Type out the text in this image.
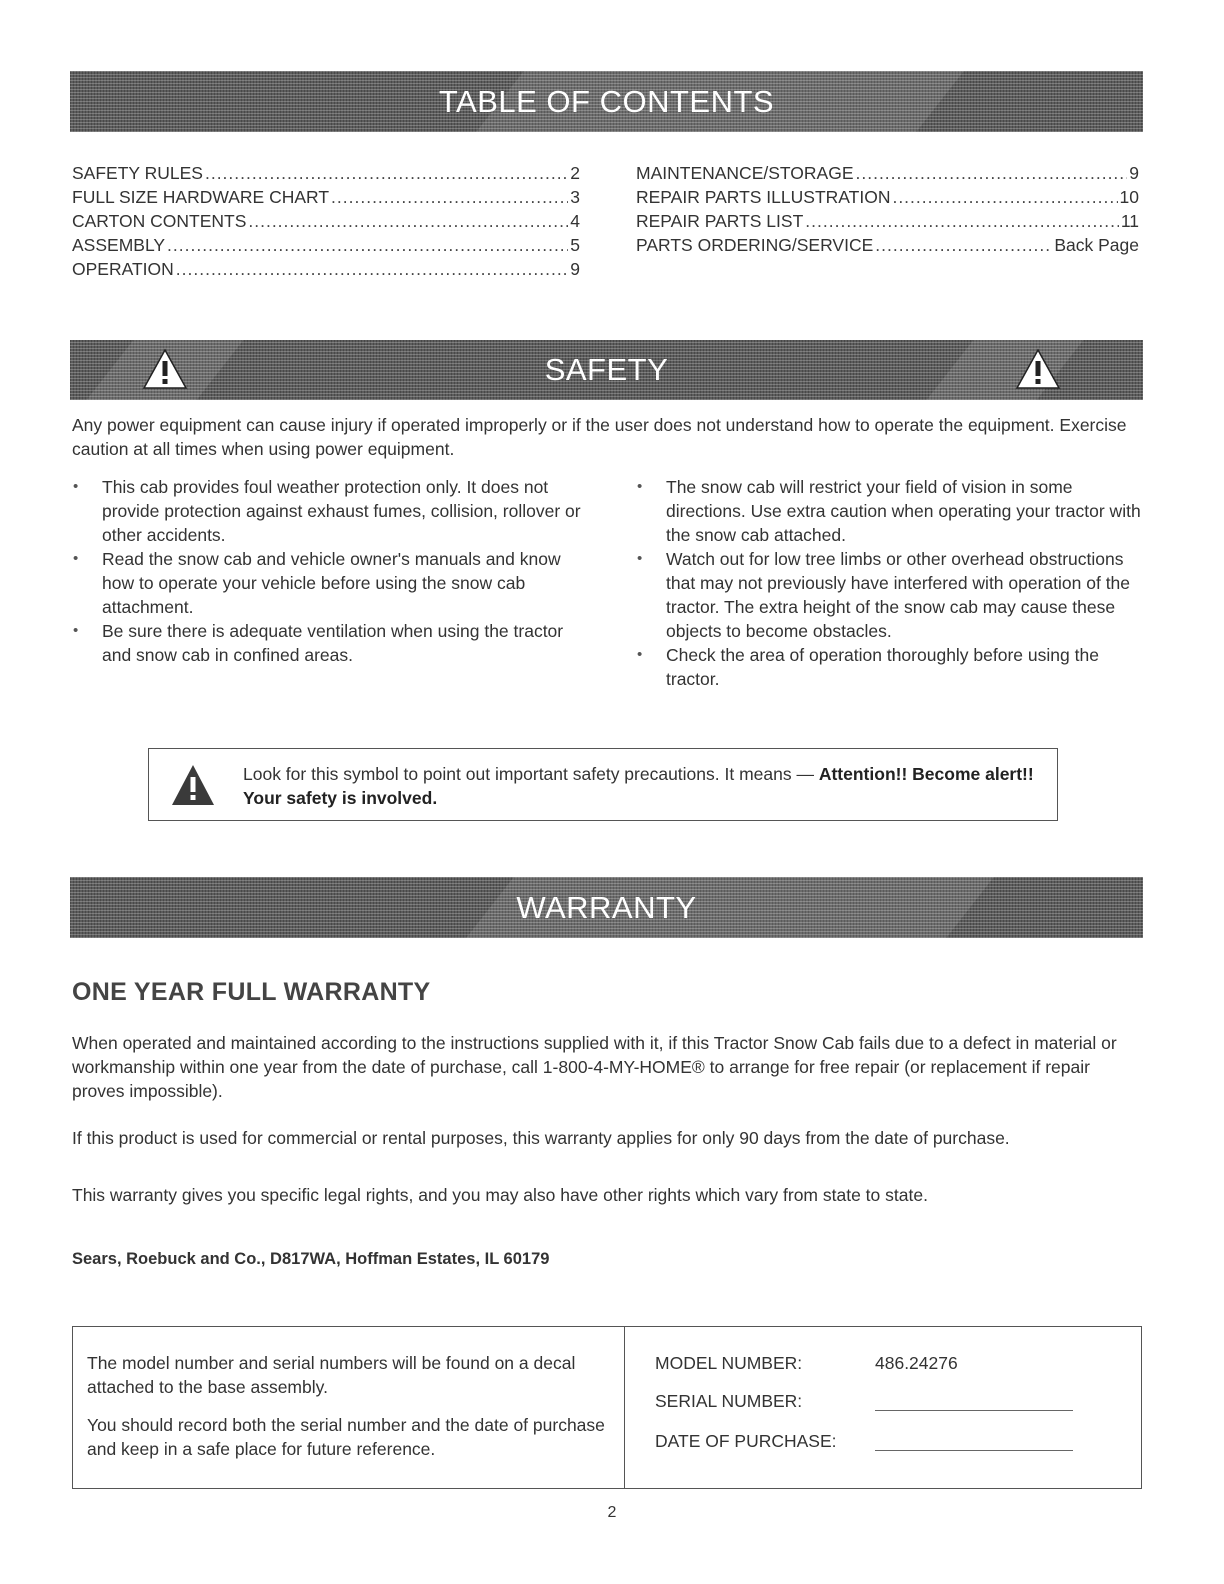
TABLE OF CONTENTS
SAFETY RULES .....	2
FULL SIZE HARDWARE CHART .....	3
CARTON CONTENTS .....	4
ASSEMBLY .....	5
OPERATION .....	9
MAINTENANCE/STORAGE .....	9
REPAIR PARTS ILLUSTRATION .....	10
REPAIR PARTS LIST .....	11
PARTS ORDERING/SERVICE .....	Back Page
SAFETY

Any power equipment can cause injury if operated improperly or if the user does not understand how to operate the equipment. Exercise caution at all times when using power equipment.

• This cab provides foul weather protection only. It does not provide protection against exhaust fumes, collision, rollover or other accidents.
• Read the snow cab and vehicle owner's manuals and know how to operate your vehicle before using the snow cab attachment.
• Be sure there is adequate ventilation when using the tractor and snow cab in confined areas.
• The snow cab will restrict your field of vision in some directions. Use extra caution when operating your tractor with the snow cab attached.
• Watch out for low tree limbs or other overhead obstructions that may not previously have interfered with operation of the tractor. The extra height of the snow cab may cause these objects to become obstacles.
• Check the area of operation thoroughly before using the tractor.
Look for this symbol to point out important safety precautions. It means — Attention!! Become alert!! Your safety is involved.
WARRANTY
ONE YEAR FULL WARRANTY

When operated and maintained according to the instructions supplied with it, if this Tractor Snow Cab fails due to a defect in material or workmanship within one year from the date of purchase, call 1-800-4-MY-HOME® to arrange for free repair (or replacement if repair proves impossible).

If this product is used for commercial or rental purposes, this warranty applies for only 90 days from the date of purchase.

This warranty gives you specific legal rights, and you may also have other rights which vary from state to state.

Sears, Roebuck and Co., D817WA, Hoffman Estates, IL 60179

The model number and serial numbers will be found on a decal attached to the base assembly.

You should record both the serial number and the date of purchase and keep in a safe place for future reference.

MODEL NUMBER:	486.24276
SERIAL NUMBER:
DATE OF PURCHASE:
2
